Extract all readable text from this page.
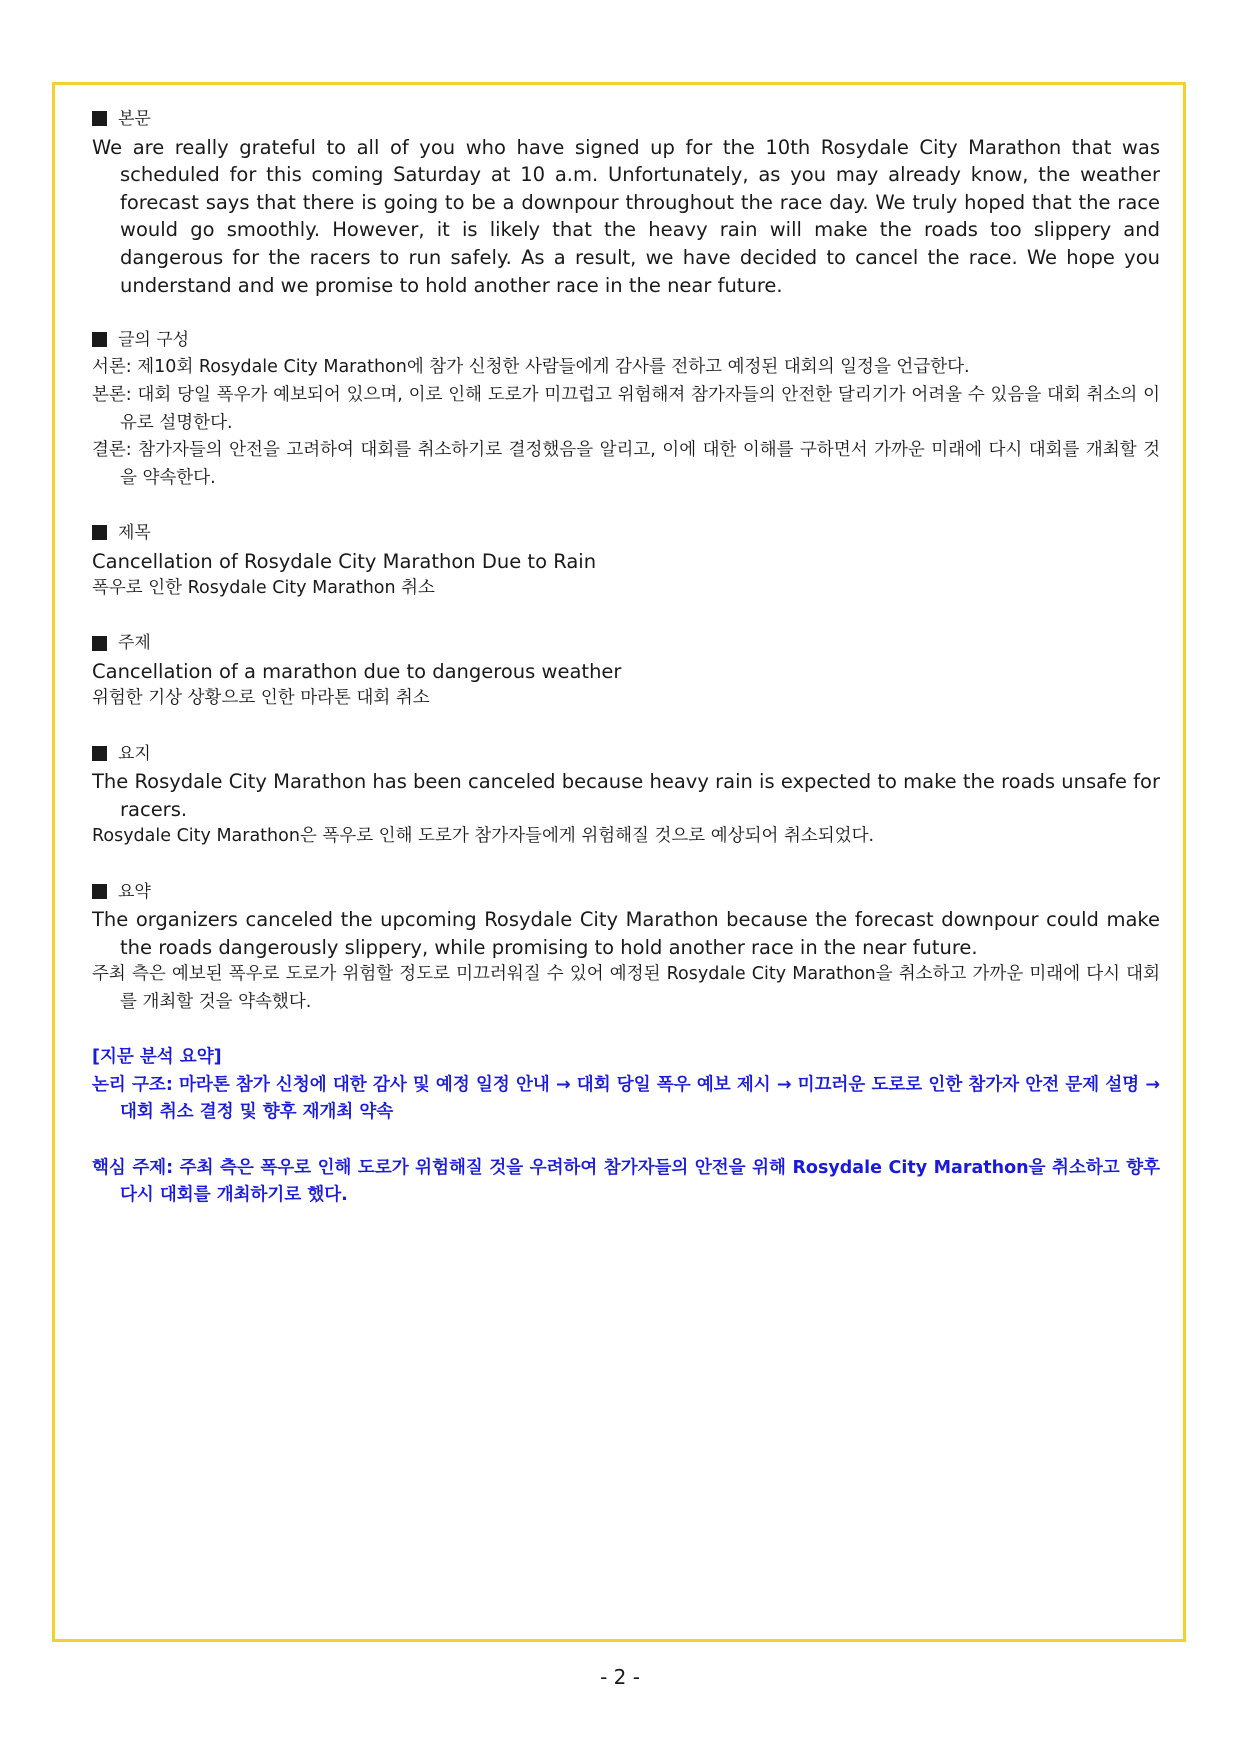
본문
We are really grateful to all of you who have signed up for the 10th Rosydale City Marathon that was scheduled for this coming Saturday at 10 a.m. Unfortunately, as you may already know, the weather forecast says that there is going to be a downpour throughout the race day. We truly hoped that the race would go smoothly. However, it is likely that the heavy rain will make the roads too slippery and dangerous for the racers to run safely. As a result, we have decided to cancel the race. We hope you understand and we promise to hold another race in the near future.
글의 구성
서론: 제10회 Rosydale City Marathon에 참가 신청한 사람들에게 감사를 전하고 예정된 대회의 일정을 언급한다.
본론: 대회 당일 폭우가 예보되어 있으며, 이로 인해 도로가 미끄럽고 위험해져 참가자들의 안전한 달리기가 어려울 수 있음을 대회 취소의 이유로 설명한다.
결론: 참가자들의 안전을 고려하여 대회를 취소하기로 결정했음을 알리고, 이에 대한 이해를 구하면서 가까운 미래에 다시 대회를 개최할 것을 약속한다.
제목
Cancellation of Rosydale City Marathon Due to Rain
폭우로 인한 Rosydale City Marathon 취소
주제
Cancellation of a marathon due to dangerous weather
위험한 기상 상황으로 인한 마라톤 대회 취소
요지
The Rosydale City Marathon has been canceled because heavy rain is expected to make the roads unsafe for racers.
Rosydale City Marathon은 폭우로 인해 도로가 참가자들에게 위험해질 것으로 예상되어 취소되었다.
요약
The organizers canceled the upcoming Rosydale City Marathon because the forecast downpour could make the roads dangerously slippery, while promising to hold another race in the near future.
주최 측은 예보된 폭우로 도로가 위험할 정도로 미끄러워질 수 있어 예정된 Rosydale City Marathon을 취소하고 가까운 미래에 다시 대회를 개최할 것을 약속했다.
[지문 분석 요약]
논리 구조: 마라톤 참가 신청에 대한 감사 및 예정 일정 안내 → 대회 당일 폭우 예보 제시 → 미끄러운 도로로 인한 참가자 안전 문제 설명 → 대회 취소 결정 및 향후 재개최 약속
핵심 주제: 주최 측은 폭우로 인해 도로가 위험해질 것을 우려하여 참가자들의 안전을 위해 Rosydale City Marathon을 취소하고 향후 다시 대회를 개최하기로 했다.
- 2 -
